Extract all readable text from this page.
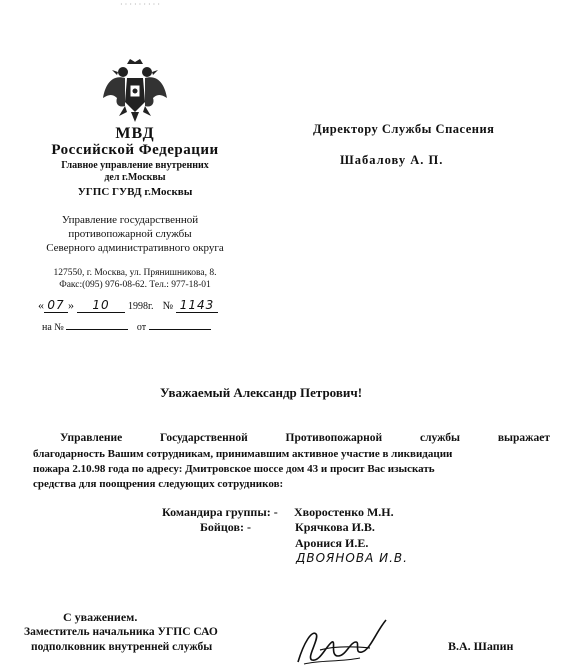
· · · · · · · · ·
МВД
Российской Федерации
Главное управление внутренних
дел г.Москвы
УГПС ГУВД г.Москвы
Управление государственной
противопожарной службы
Северного административного округа
127550, г. Москва, ул. Прянишникова, 8.
Факс:(095) 976-08-62. Тел.: 977-18-01
« 07 » 10 1998г. № 1143
на №	от
Директору Службы Спасения
Шабалову А. П.
Уважаемый Александр Петрович!
Управление Государственной Противопожарной службы выражает
благодарность Вашим сотрудникам, принимавшим активное участие в ликвидации
пожара 2.10.98 года по адресу: Дмитровское шоссе дом 43 и просит Вас изыскать
средства для поощрения следующих сотрудников:
Командира группы: - Хворостенко М.Н.
Бойцов: -	Крячкова И.В.
Аронися И.Е.
ДВОЯНОВА И.В.
С уважением.
Заместитель начальника УГПС САО
подполковник внутренней службы	В.А. Шапин
